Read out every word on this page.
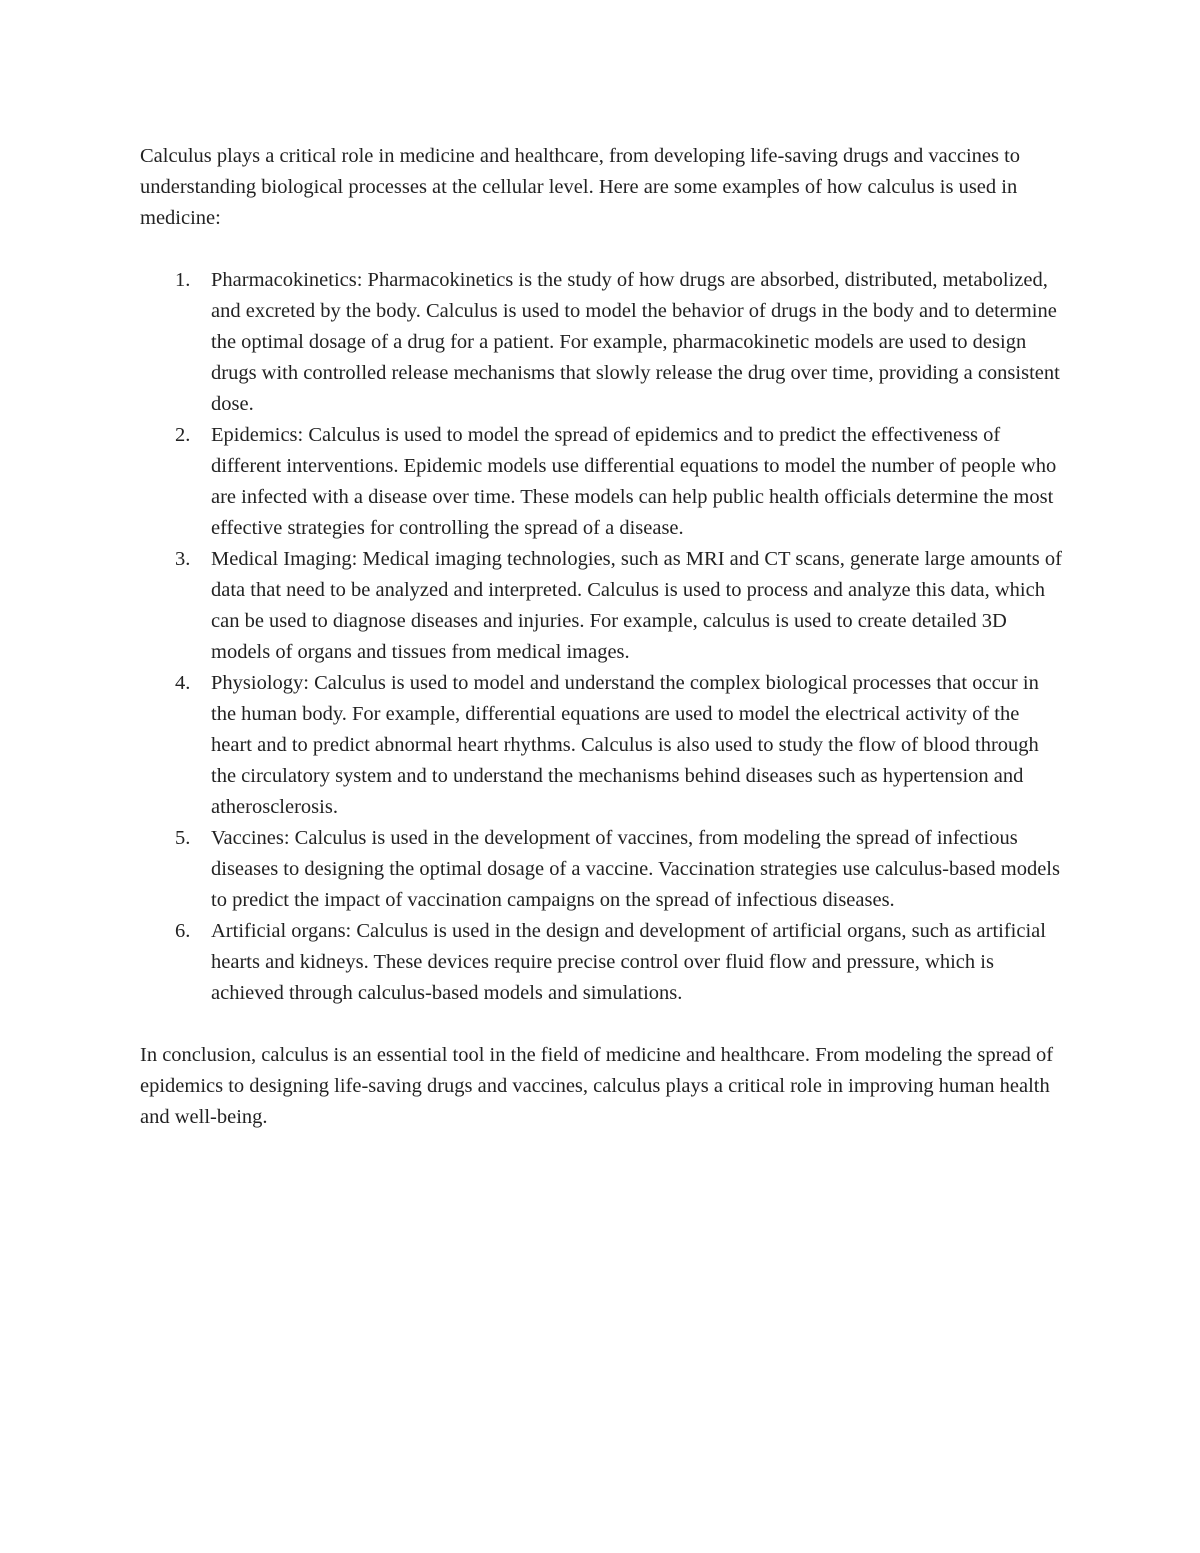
Calculus plays a critical role in medicine and healthcare, from developing life-saving drugs and vaccines to understanding biological processes at the cellular level. Here are some examples of how calculus is used in medicine:

1.	Pharmacokinetics: Pharmacokinetics is the study of how drugs are absorbed, distributed, metabolized, and excreted by the body. Calculus is used to model the behavior of drugs in the body and to determine the optimal dosage of a drug for a patient. For example, pharmacokinetic models are used to design drugs with controlled release mechanisms that slowly release the drug over time, providing a consistent dose.
2.	Epidemics: Calculus is used to model the spread of epidemics and to predict the effectiveness of different interventions. Epidemic models use differential equations to model the number of people who are infected with a disease over time. These models can help public health officials determine the most effective strategies for controlling the spread of a disease.
3.	Medical Imaging: Medical imaging technologies, such as MRI and CT scans, generate large amounts of data that need to be analyzed and interpreted. Calculus is used to process and analyze this data, which can be used to diagnose diseases and injuries. For example, calculus is used to create detailed 3D models of organs and tissues from medical images.
4.	Physiology: Calculus is used to model and understand the complex biological processes that occur in the human body. For example, differential equations are used to model the electrical activity of the heart and to predict abnormal heart rhythms. Calculus is also used to study the flow of blood through the circulatory system and to understand the mechanisms behind diseases such as hypertension and atherosclerosis.
5.	Vaccines: Calculus is used in the development of vaccines, from modeling the spread of infectious diseases to designing the optimal dosage of a vaccine. Vaccination strategies use calculus-based models to predict the impact of vaccination campaigns on the spread of infectious diseases.
6.	Artificial organs: Calculus is used in the design and development of artificial organs, such as artificial hearts and kidneys. These devices require precise control over fluid flow and pressure, which is achieved through calculus-based models and simulations.

In conclusion, calculus is an essential tool in the field of medicine and healthcare. From modeling the spread of epidemics to designing life-saving drugs and vaccines, calculus plays a critical role in improving human health and well-being.
